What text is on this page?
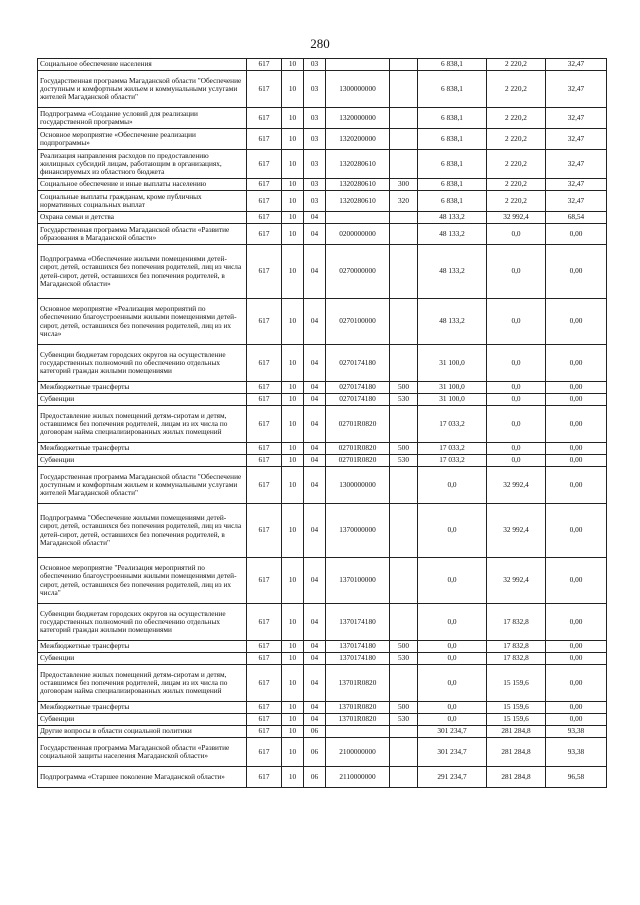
280
Социальное обеспечение населения	617	10	03			6 838,1	2 220,2	32,47
Государственная программа Магаданской области "Обеспечение доступным и комфортным жильем и коммунальными услугами жителей Магаданской области"	617	10	03	1300000000		6 838,1	2 220,2	32,47
Подпрограмма «Создание условий для реализации государственной программы»	617	10	03	1320000000		6 838,1	2 220,2	32,47
Основное мероприятие «Обеспечение реализации подпрограммы»	617	10	03	1320200000		6 838,1	2 220,2	32,47
Реализация направления расходов по предоставлению жилищных субсидий лицам, работающим в организациях, финансируемых из областного бюджета	617	10	03	1320280610		6 838,1	2 220,2	32,47
Социальное обеспечение и иные выплаты населению	617	10	03	1320280610	300	6 838,1	2 220,2	32,47
Социальные выплаты гражданам, кроме публичных нормативных социальных выплат	617	10	03	1320280610	320	6 838,1	2 220,2	32,47
Охрана семьи и детства	617	10	04			48 133,2	32 992,4	68,54
Государственная программа Магаданской области «Развитие образования в Магаданской области»	617	10	04	0200000000		48 133,2	0,0	0,00
Подпрограмма «Обеспечение жилыми помещениями детей-сирот, детей, оставшихся без попечения родителей, лиц из числа детей-сирот, детей, оставшихся без попечения родителей, в Магаданской области»	617	10	04	0270000000		48 133,2	0,0	0,00
Основное мероприятие «Реализация мероприятий по обеспечению благоустроенными жилыми помещениями детей-сирот, детей, оставшихся без попечения родителей, лиц из их числа»	617	10	04	0270100000		48 133,2	0,0	0,00
Субвенции бюджетам городских округов на осуществление государственных полномочий по обеспечению отдельных категорий граждан жилыми помещениями	617	10	04	0270174180		31 100,0	0,0	0,00
Межбюджетные трансферты	617	10	04	0270174180	500	31 100,0	0,0	0,00
Субвенции	617	10	04	0270174180	530	31 100,0	0,0	0,00
Предоставление жилых помещений детям-сиротам и детям, оставшимся без попечения родителей, лицам из их числа по договорам найма специализированных жилых помещений	617	10	04	02701R0820		17 033,2	0,0	0,00
Межбюджетные трансферты	617	10	04	02701R0820	500	17 033,2	0,0	0,00
Субвенции	617	10	04	02701R0820	530	17 033,2	0,0	0,00
Государственная программа Магаданской области "Обеспечение доступным и комфортным жильем и коммунальными услугами жителей Магаданской области"	617	10	04	1300000000		0,0	32 992,4	0,00
Подпрограмма "Обеспечение жилыми помещениями детей-сирот, детей, оставшихся без попечения родителей, лиц из числа детей-сирот, детей, оставшихся без попечения родителей, в Магаданской области"	617	10	04	1370000000		0,0	32 992,4	0,00
Основное мероприятие "Реализация мероприятий по обеспечению благоустроенными жилыми помещениями детей-сирот, детей, оставшихся без попечения родителей, лиц из их числа"	617	10	04	1370100000		0,0	32 992,4	0,00
Субвенции бюджетам городских округов на осуществление государственных полномочий по обеспечению отдельных категорий граждан жилыми помещениями	617	10	04	1370174180		0,0	17 832,8	0,00
Межбюджетные трансферты	617	10	04	1370174180	500	0,0	17 832,8	0,00
Субвенции	617	10	04	1370174180	530	0,0	17 832,8	0,00
Предоставление жилых помещений детям-сиротам и детям, оставшимся без попечения родителей, лицам из их числа по договорам найма специализированных жилых помещений	617	10	04	13701R0820		0,0	15 159,6	0,00
Межбюджетные трансферты	617	10	04	13701R0820	500	0,0	15 159,6	0,00
Субвенции	617	10	04	13701R0820	530	0,0	15 159,6	0,00
Другие вопросы в области социальной политики	617	10	06			301 234,7	281 284,8	93,38
Государственная программа Магаданской области «Развитие социальной защиты населения Магаданской области»	617	10	06	2100000000		301 234,7	281 284,8	93,38
Подпрограмма «Старшее поколение Магаданской области»	617	10	06	2110000000		291 234,7	281 284,8	96,58
